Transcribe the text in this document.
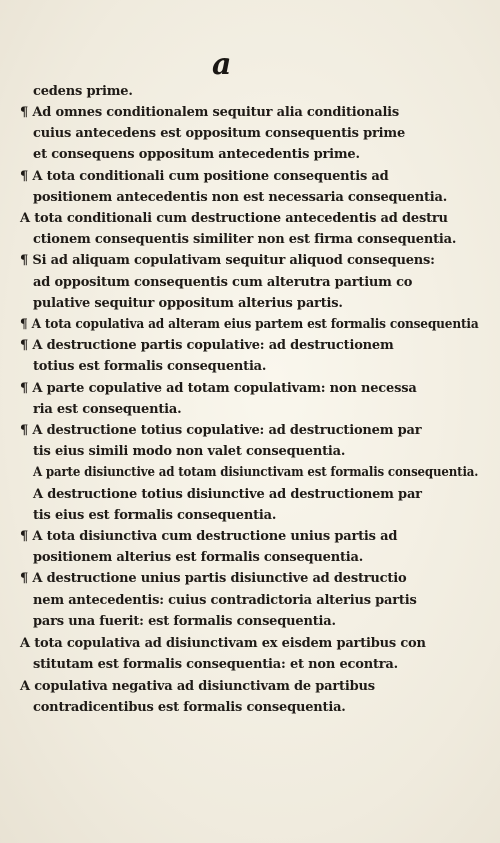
a
cedens prime.
¶ Ad omnes conditionalem sequitur alia conditionalis
cuius antecedens est oppositum consequentis prime
et consequens oppositum antecedentis prime.
¶ A tota conditionali cum positione consequentis ad
positionem antecedentis non est necessaria consequentia.
A tota conditionali cum destructione antecedentis ad destru
ctionem consequentis similiter non est firma consequentia.
¶ Si ad aliquam copulativam sequitur aliquod consequens:
ad oppositum consequentis cum alterutra partium co
pulative sequitur oppositum alterius partis.
¶ A tota copulativa ad alteram eius partem est formalis consequentia
¶ A destructione partis copulative: ad destructionem
totius est formalis consequentia.
¶ A parte copulative ad totam copulativam: non necessa
ria est consequentia.
¶ A destructione totius copulative: ad destructionem par
tis eius simili modo non valet consequentia.
A parte disiunctive ad totam disiunctivam est formalis consequentia.
A destructione totius disiunctive ad destructionem par
tis eius est formalis consequentia.
¶ A tota disiunctiva cum destructione unius partis ad
positionem alterius est formalis consequentia.
¶ A destructione unius partis disiunctive ad destructio
nem antecedentis: cuius contradictoria alterius partis
pars una fuerit: est formalis consequentia.
A tota copulativa ad disiunctivam ex eisdem partibus con
stitutam est formalis consequentia: et non econtra.
A copulativa negativa ad disiunctivam de partibus
contradicentibus est formalis consequentia.
